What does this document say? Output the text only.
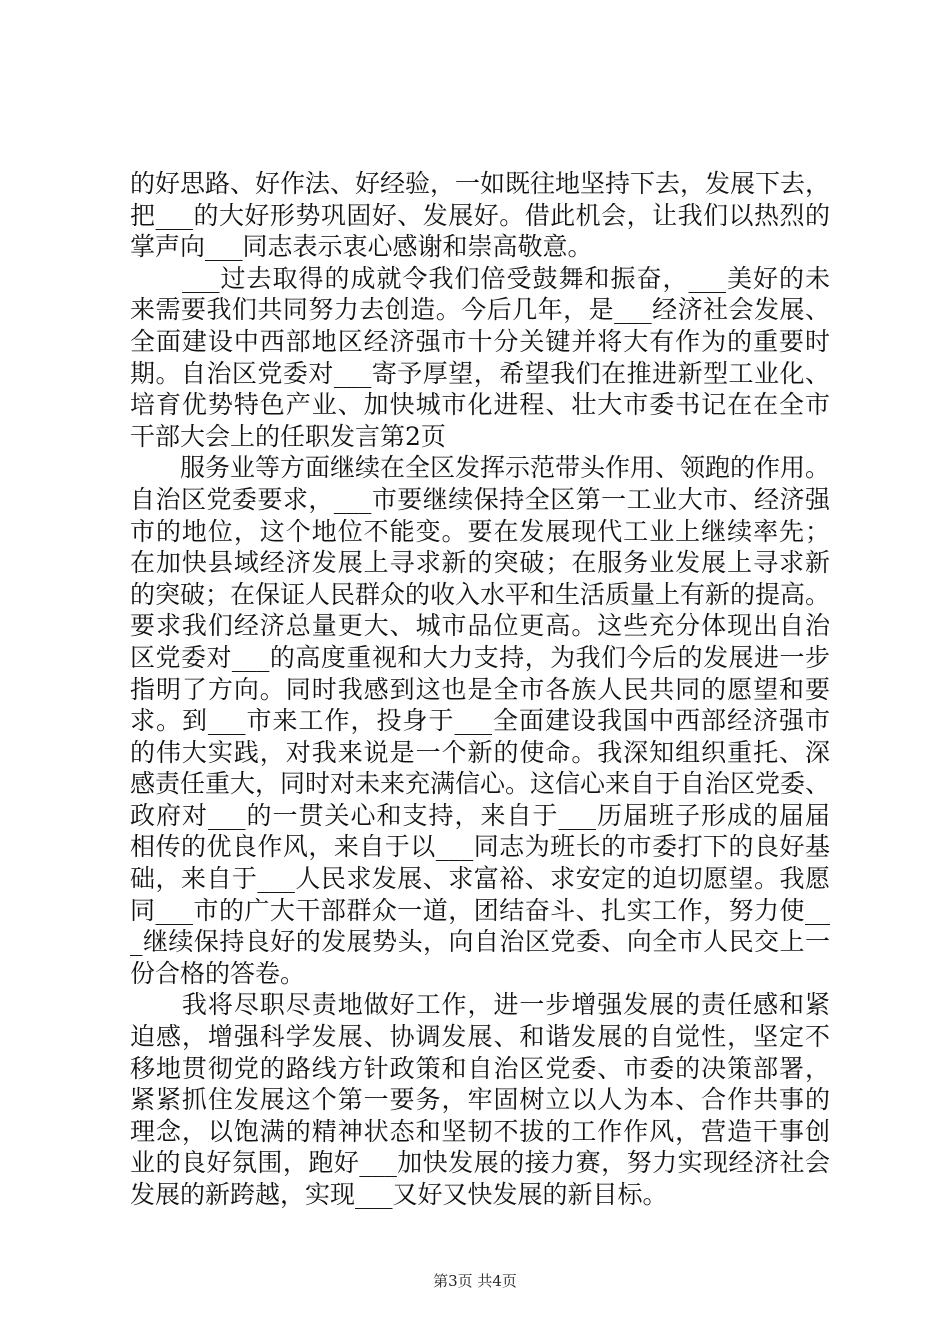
的好思路、好作法、好经验，一如既往地坚持下去，发展下去，
把___的大好形势巩固好、发展好。借此机会，让我们以热烈的
掌声向___同志表示衷心感谢和崇高敬意。
　　___过去取得的成就令我们倍受鼓舞和振奋，___美好的未
来需要我们共同努力去创造。今后几年，是___经济社会发展、
全面建设中西部地区经济强市十分关键并将大有作为的重要时
期。自治区党委对___寄予厚望，希望我们在推进新型工业化、
培育优势特色产业、加快城市化进程、壮大市委书记在在全市
干部大会上的任职发言第2页
　　服务业等方面继续在全区发挥示范带头作用、领跑的作用。
自治区党委要求，___市要继续保持全区第一工业大市、经济强
市的地位，这个地位不能变。要在发展现代工业上继续率先；
在加快县域经济发展上寻求新的突破；在服务业发展上寻求新
的突破；在保证人民群众的收入水平和生活质量上有新的提高。
要求我们经济总量更大、城市品位更高。这些充分体现出自治
区党委对___的高度重视和大力支持，为我们今后的发展进一步
指明了方向。同时我感到这也是全市各族人民共同的愿望和要
求。到___市来工作，投身于___全面建设我国中西部经济强市
的伟大实践，对我来说是一个新的使命。我深知组织重托、深
感责任重大，同时对未来充满信心。这信心来自于自治区党委、
政府对___的一贯关心和支持，来自于___历届班子形成的届届
相传的优良作风，来自于以___同志为班长的市委打下的良好基
础，来自于___人民求发展、求富裕、求安定的迫切愿望。我愿
同___市的广大干部群众一道，团结奋斗、扎实工作，努力使__
_继续保持良好的发展势头，向自治区党委、向全市人民交上一
份合格的答卷。
　　我将尽职尽责地做好工作，进一步增强发展的责任感和紧
迫感，增强科学发展、协调发展、和谐发展的自觉性，坚定不
移地贯彻党的路线方针政策和自治区党委、市委的决策部署，
紧紧抓住发展这个第一要务，牢固树立以人为本、合作共事的
理念，以饱满的精神状态和坚韧不拔的工作作风，营造干事创
业的良好氛围，跑好___加快发展的接力赛，努力实现经济社会
发展的新跨越，实现___又好又快发展的新目标。
第3页 共4页
